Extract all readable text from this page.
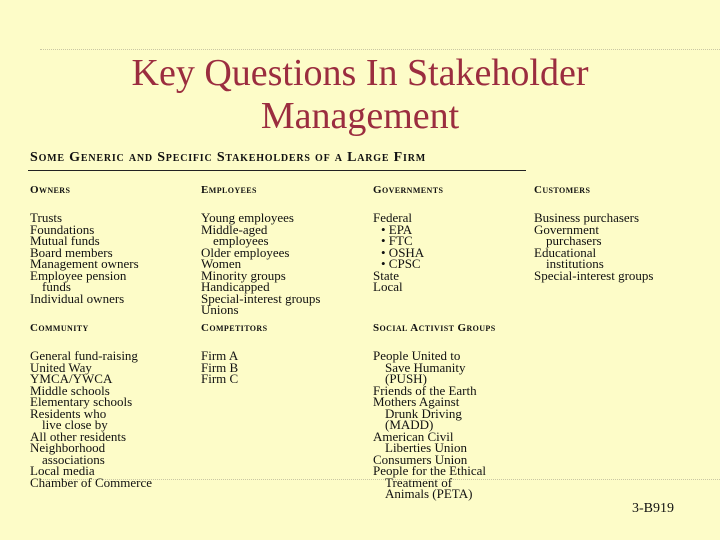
Key Questions In Stakeholder Management
Some Generic and Specific Stakeholders of a Large Firm
Owners
Trusts
Foundations
Mutual funds
Board members
Management owners
Employee pension
funds
Individual owners
Employees
Young employees
Middle-aged
employees
Older employees
Women
Minority groups
Handicapped
Special-interest groups
Unions
Governments
Federal
• EPA
• FTC
• OSHA
• CPSC
State
Local
Customers
Business purchasers
Government
purchasers
Educational
institutions
Special-interest groups
Community
General fund-raising
United Way
YMCA/YWCA
Middle schools
Elementary schools
Residents who
live close by
All other residents
Neighborhood
associations
Local media
Chamber of Commerce
Competitors
Firm A
Firm B
Firm C
Social Activist Groups
People United to
Save Humanity
(PUSH)
Friends of the Earth
Mothers Against
Drunk Driving
(MADD)
American Civil
Liberties Union
Consumers Union
People for the Ethical
Treatment of
Animals (PETA)
3-B919
